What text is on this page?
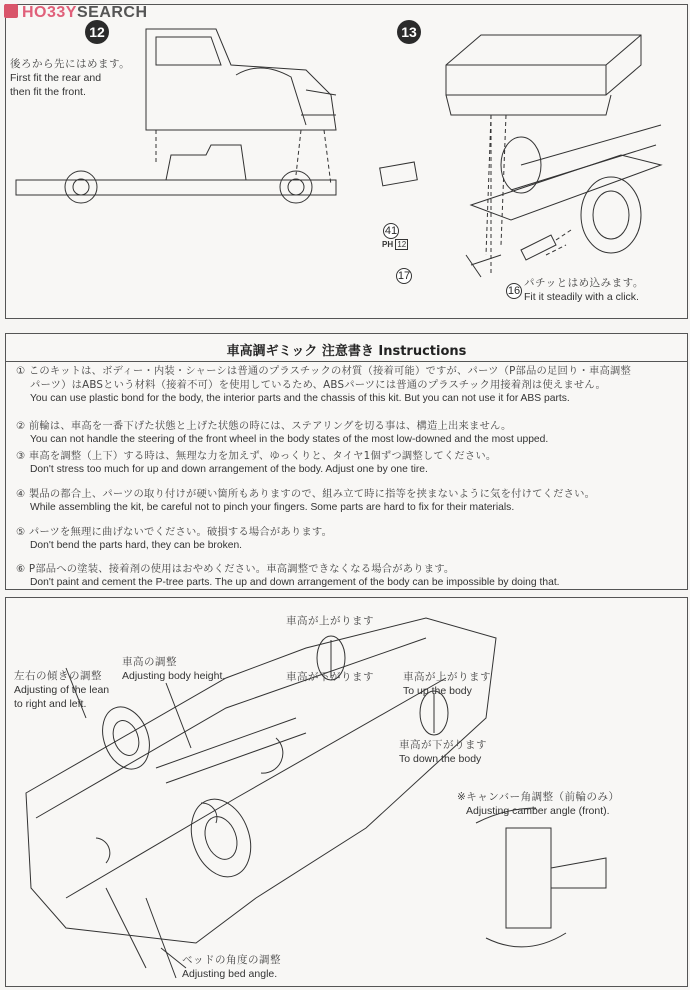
12
後ろから先にはめます。
First fit the rear and
then fit the front.
13
41
PH 12
17
16
パチッとはめ込みます。
Fit it steadily with a click.
HO33YSEARCH
車高調ギミック 注意書き Instructions
① このキットは、ボディー・内装・シャーシは普通のプラスチックの材質（接着可能）ですが、パーツ（P部品の足回り・車高調整
パーツ）はABSという材料（接着不可）を使用しているため、ABSパーツには普通のプラスチック用接着剤は使えません。
You can use plastic bond for the body, the interior parts and the chassis of this kit. But you can not use it for ABS parts.
② 前輪は、車高を一番下げた状態と上げた状態の時には、ステアリングを切る事は、構造上出来ません。
You can not handle the steering of the front wheel in the body states of the most low-downed and the most upped.
③ 車高を調整（上下）する時は、無理な力を加えず、ゆっくりと、タイヤ1個ずつ調整してください。
Don't stress too much for up and down arrangement of the body. Adjust one by one tire.
④ 製品の都合上、パーツの取り付けが硬い箇所もありますので、組み立て時に指等を挟まないように気を付けてください。
While assembling the kit, be careful not to pinch your fingers. Some parts are hard to fix for their materials.
⑤ パーツを無理に曲げないでください。破損する場合があります。
Don't bend the parts hard, they can be broken.
⑥ P部品への塗装、接着剤の使用はおやめください。車高調整できなくなる場合があります。
Don't paint and cement the P-tree parts. The up and down arrangement of the body can be impossible by doing that.
車高が上がります
車高が下がります	車高が上がります
To up the body
車高が下がります
To down the body
車高の調整
Adjusting body height.
左右の傾きの調整
Adjusting of the lean
to right and left.
※キャンバー角調整（前輪のみ）
Adjusting camber angle (front).
ベッドの角度の調整
Adjusting bed angle.
